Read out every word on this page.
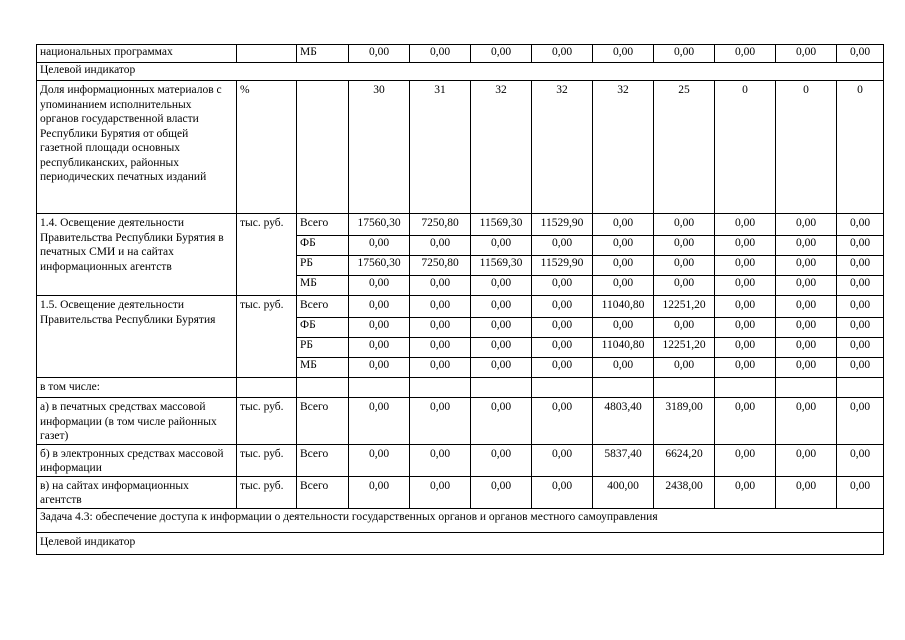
национальных программах		МБ	0,00	0,00	0,00	0,00	0,00	0,00	0,00	0,00	0,00
Целевой индикатор											
Доля информационных материалов с упоминанием исполнительных органов государственной власти Республики Бурятия от общей газетной площади основных республиканских, районных периодических печатных изданий	%		30	31	32	32	32	25	0	0	0
1.4. Освещение деятельности Правительства Республики Бурятия в печатных СМИ и на сайтах информационных агентств	тыс. руб.	Всего	17560,30	7250,80	11569,30	11529,90	0,00	0,00	0,00	0,00	0,00
		ФБ	0,00	0,00	0,00	0,00	0,00	0,00	0,00	0,00	0,00
		РБ	17560,30	7250,80	11569,30	11529,90	0,00	0,00	0,00	0,00	0,00
		МБ	0,00	0,00	0,00	0,00	0,00	0,00	0,00	0,00	0,00
1.5. Освещение деятельности Правительства Республики Бурятия	тыс. руб.	Всего	0,00	0,00	0,00	0,00	11040,80	12251,20	0,00	0,00	0,00
		ФБ	0,00	0,00	0,00	0,00	0,00	0,00	0,00	0,00	0,00
		РБ	0,00	0,00	0,00	0,00	11040,80	12251,20	0,00	0,00	0,00
		МБ	0,00	0,00	0,00	0,00	0,00	0,00	0,00	0,00	0,00
в том числе:											
а) в печатных средствах массовой информации (в том числе районных газет)	тыс. руб.	Всего	0,00	0,00	0,00	0,00	4803,40	3189,00	0,00	0,00	0,00
б) в электронных средствах массовой информации	тыс. руб.	Всего	0,00	0,00	0,00	0,00	5837,40	6624,20	0,00	0,00	0,00
в) на сайтах информационных агентств	тыс. руб.	Всего	0,00	0,00	0,00	0,00	400,00	2438,00	0,00	0,00	0,00
Задача 4.3: обеспечение доступа к информации о деятельности государственных органов и органов местного самоуправления											
Целевой индикатор											
